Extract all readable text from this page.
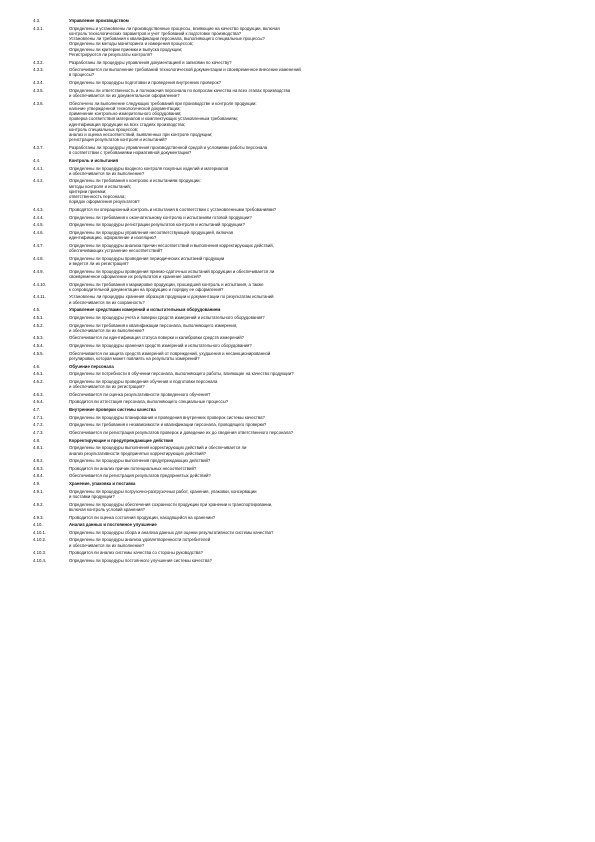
4.3.	Управление производством
4.3.1.	Определены и установлены ли производственные процессы, влияющие на качество продукции, включая
контроль технологических параметров и учет требований к подготовке производства?
Установлены ли требования к квалификации персонала, выполняющего специальные процессы?
Определены ли методы мониторинга и измерения процессов;
Определены ли критерии приемки и выпуска продукции;
Регистрируются ли результаты контроля?
4.3.2.	Разработаны ли процедуры управления документацией и записями по качеству?
4.3.3.	Обеспечивается ли выполнение требований технологической документации и своевременное внесение изменений
в процессы?
4.3.4.	Определены ли процедуры подготовки и проведения внутренних проверок?
4.3.5.	Определены ли ответственность и полномочия персонала по вопросам качества на всех этапах производства
и обеспечивается ли их документальное оформление?
4.3.6.	Обеспечено ли выполнение следующих требований при производстве и контроле продукции:
наличие утвержденной технологической документации;
применение контрольно-измерительного оборудования;
проверка соответствия материалов и комплектующих установленным требованиям;
идентификация продукции на всех стадиях производства;
контроль специальных процессов;
анализ и оценка несоответствий, выявленных при контроле продукции;
регистрация результатов контроля и испытаний?
4.3.7.	Разработаны ли процедуры управления производственной средой и условиями работы персонала
в соответствии с требованиями нормативной документации?
4.4.	Контроль и испытания
4.4.1.	Определены ли процедуры входного контроля покупных изделий и материалов
и обеспечивается ли их выполнение?
4.4.2.	Определены ли требования к контролю и испытаниям продукции:
методы контроля и испытаний;
критерии приемки;
ответственность персонала;
порядок оформления результатов?
4.4.3.	Проводятся ли операционный контроль и испытания в соответствии с установленными требованиями?
4.4.4.	Определены ли требования к окончательному контролю и испытаниям готовой продукции?
4.4.5.	Определены ли процедуры регистрации результатов контроля и испытаний продукции?
4.4.6.	Определены ли процедуры управления несоответствующей продукцией, включая
идентификацию, оформление и изоляцию?
4.4.7.	Определены ли процедуры анализа причин несоответствий и выполнения корректирующих действий,
обеспечивающих устранение несоответствий?
4.4.8.	Определены ли процедуры проведения периодических испытаний продукции
и ведется ли их регистрация?
4.4.9.	Определены ли процедуры проведения приемо-сдаточных испытаний продукции и обеспечивается ли
своевременное оформление их результатов и хранение записей?
4.4.10.	Определены ли требования к маркировке продукции, прошедшей контроль и испытания, а также
к сопроводительной документации на продукцию и порядку ее оформления?
4.4.11.	Установлены ли процедуры хранения образцов продукции и документации по результатам испытаний
и обеспечивается ли их сохранность?
4.5.	Управление средствами измерений и испытательным оборудованием
4.5.1.	Определены ли процедуры учета и поверки средств измерений и испытательного оборудования?
4.5.2.	Определены ли требования к квалификации персонала, выполняющего измерения,
и обеспечивается ли их выполнение?
4.5.3.	Обеспечивается ли идентификация статуса поверки и калибровки средств измерений?
4.5.4.	Определены ли процедуры хранения средств измерений и испытательного оборудования?
4.5.5.	Обеспечивается ли защита средств измерений от повреждений, ухудшения и несанкционированной
регулировки, которая может повлиять на результаты измерений?
4.6.	Обучение персонала
4.6.1.	Определены ли потребности в обучении персонала, выполняющего работы, влияющие на качество продукции?
4.6.2.	Определены ли процедуры проведения обучения и подготовки персонала
и обеспечивается ли их регистрация?
4.6.3.	Обеспечивается ли оценка результативности проведенного обучения?
4.6.4.	Проводится ли аттестация персонала, выполняющего специальные процессы?
4.7.	Внутренние проверки системы качества
4.7.1.	Определены ли процедуры планирования и проведения внутренних проверок системы качества?
4.7.2.	Определены ли требования к независимости и квалификации персонала, проводящего проверки?
4.7.3.	Обеспечивается ли регистрация результатов проверок и доведение их до сведения ответственного персонала?
4.8.	Корректирующие и предупреждающие действия
4.8.1.	Определены ли процедуры выполнения корректирующих действий и обеспечивается ли
анализ результативности предпринятых корректирующих действий?
4.8.2.	Определены ли процедуры выполнения предупреждающих действий?
4.8.3.	Проводится ли анализ причин потенциальных несоответствий?
4.8.4.	Обеспечивается ли регистрация результатов предпринятых действий?
4.9.	Хранение, упаковка и поставка
4.9.1.	Определены ли процедуры погрузочно-разгрузочных работ, хранения, упаковки, консервации
и поставки продукции?
4.9.2.	Определены ли процедуры обеспечения сохранности продукции при хранении и транспортировании,
включая контроль условий хранения?
4.9.3.	Проводится ли оценка состояния продукции, находящейся на хранении?
4.10.	Анализ данных и постоянное улучшение
4.10.1.	Определены ли процедуры сбора и анализа данных для оценки результативности системы качества?
4.10.2.	Определены ли процедуры анализа удовлетворенности потребителей
и обеспечивается ли их выполнение?
4.10.3.	Проводится ли анализ системы качества со стороны руководства?
4.10.4.	Определены ли процедуры постоянного улучшения системы качества?
